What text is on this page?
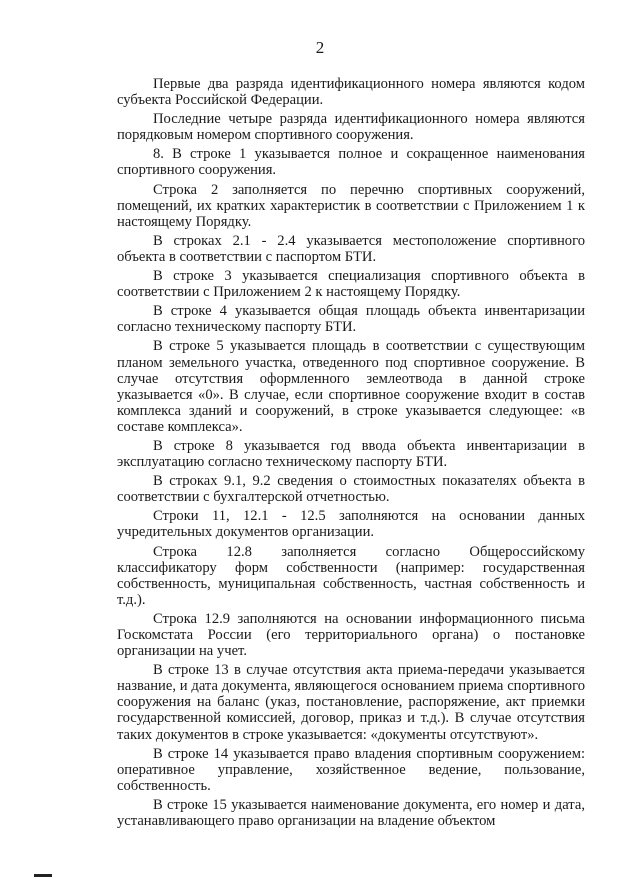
2

Первые два разряда идентификационного номера являются кодом субъекта Российской Федерации.

Последние четыре разряда идентификационного номера являются порядковым номером спортивного сооружения.

8. В строке 1 указывается полное и сокращенное наименования спортивного сооружения.

Строка 2 заполняется по перечню спортивных сооружений, помещений, их кратких характеристик в соответствии с Приложением 1 к настоящему Порядку.

В строках 2.1 - 2.4 указывается местоположение спортивного объекта в соответствии с паспортом БТИ.

В строке 3 указывается специализация спортивного объекта в соответствии с Приложением 2 к настоящему Порядку.

В строке 4 указывается общая площадь объекта инвентаризации согласно техническому паспорту БТИ.

В строке 5 указывается площадь в соответствии с существующим планом земельного участка, отведенного под спортивное сооружение. В случае отсутствия оформленного землеотвода в данной строке указывается «0». В случае, если спортивное сооружение входит в состав комплекса зданий и сооружений, в строке указывается следующее: «в составе комплекса».

В строке 8 указывается год ввода объекта инвентаризации в эксплуатацию согласно техническому паспорту БТИ.

В строках 9.1, 9.2 сведения о стоимостных показателях объекта в соответствии с бухгалтерской отчетностью.

Строки 11, 12.1 - 12.5 заполняются на основании данных учредительных документов организации.

Строка 12.8 заполняется согласно Общероссийскому классификатору форм собственности (например: государственная собственность, муниципальная собственность, частная собственность и т.д.).

Строка 12.9 заполняются на основании информационного письма Госкомстата России (его территориального органа) о постановке организации на учет.

В строке 13 в случае отсутствия акта приема-передачи указывается название, и дата документа, являющегося основанием приема спортивного сооружения на баланс (указ, постановление, распоряжение, акт приемки государственной комиссией, договор, приказ и т.д.). В случае отсутствия таких документов в строке указывается: «документы отсутствуют».

В строке 14 указывается право владения спортивным сооружением: оперативное управление, хозяйственное ведение, пользование, собственность.

В строке 15 указывается наименование документа, его номер и дата, устанавливающего право организации на владение объектом
